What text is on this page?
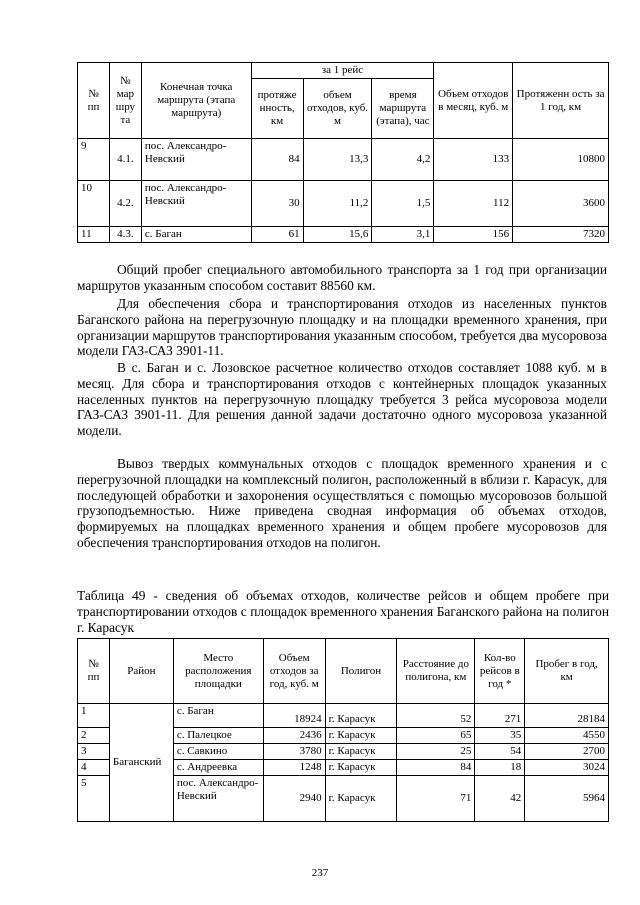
№ пп	№ мар шру та	Конечная точка маршрута (этапа маршрута)	за 1 рейс			Объем отходов в месяц, куб. м	Протяженн ость за 1 год, км
			протяже нность, км	объем отходов, куб. м	время маршрута (этапа), час		
9	4.1.	пос. Александро-Невский	84	13,3	4,2	133	10800
10	4.2.	пос. Александро-Невский	30	11,2	1,5	112	3600
11	4.3.	с. Баган	61	15,6	3,1	156	7320

Общий пробег специального автомобильного транспорта за 1 год при организации маршрутов указанным способом составит 88560 км.

Для обеспечения сбора и транспортирования отходов из населенных пунктов Баганского района на перегрузочную площадку и на площадки временного хранения, при организации маршрутов транспортирования указанным способом, требуется два мусоровоза модели ГАЗ-САЗ 3901-11.

В с. Баган и с. Лозовское расчетное количество отходов составляет 1088 куб. м в месяц. Для сбора и транспортирования отходов с контейнерных площадок указанных населенных пунктов на перегрузочную площадку требуется 3 рейса мусоровоза модели ГАЗ-САЗ 3901-11. Для решения данной задачи достаточно одного мусоровоза указанной модели.

Вывоз твердых коммунальных отходов с площадок временного хранения и с перегрузочной площадки на комплексный полигон, расположенный в вблизи г. Карасук, для последующей обработки и захоронения осуществляться с помощью мусоровозов большой грузоподъемностью. Ниже приведена сводная информация об объемах отходов, формируемых на площадках временного хранения и общем пробеге мусоровозов для обеспечения транспортирования отходов на полигон.

Таблица 49 - сведения об объемах отходов, количестве рейсов и общем пробеге при транспортировании отходов с площадок временного хранения Баганского района на полигон г. Карасук

№ пп	Район	Место расположения площадки	Объем отходов за год, куб. м	Полигон	Расстояние до полигона, км	Кол-во рейсов в год *	Пробег в год, км
1	Баганский	с. Баган	18924	г. Карасук	52	271	28184
2		с. Палецкое	2436	г. Карасук	65	35	4550
3		с. Савкино	3780	г. Карасук	25	54	2700
4		с. Андреевка	1248	г. Карасук	84	18	3024
5		пос. Александро-Невский	2940	г. Карасук	71	42	5964
237
